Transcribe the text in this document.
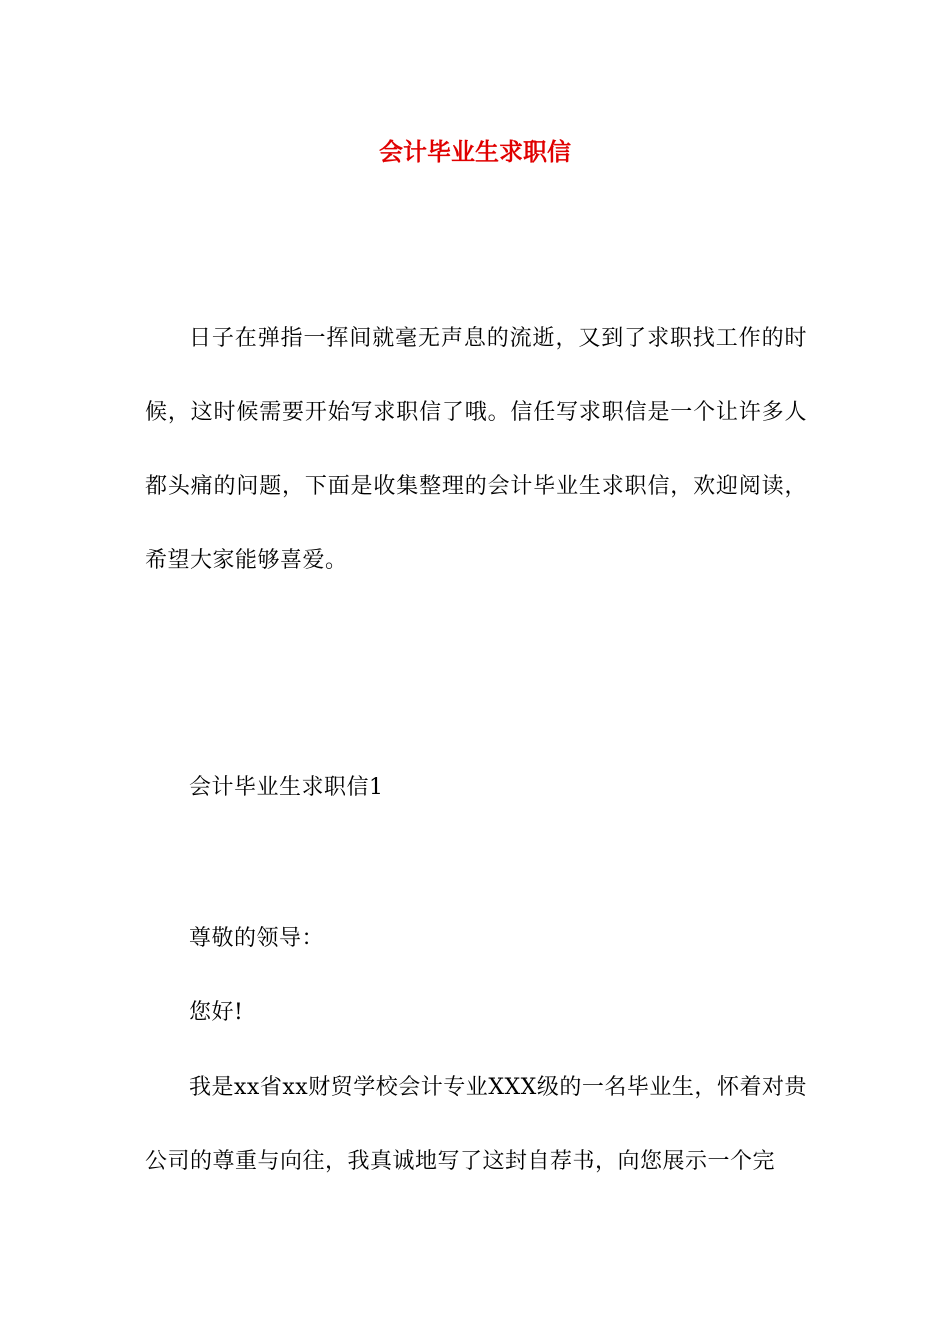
会计毕业生求职信

日子在弹指一挥间就毫无声息的流逝，又到了求职找工作的时候，这时候需要开始写求职信了哦。信任写求职信是一个让许多人都头痛的问题，下面是收集整理的会计毕业生求职信，欢迎阅读，希望大家能够喜爱。

会计毕业生求职信1

尊敬的领导：

您好!

我是xx省xx财贸学校会计专业XXX级的一名毕业生，怀着对贵公司的尊重与向往，我真诚地写了这封自荐书，向您展示一个完
